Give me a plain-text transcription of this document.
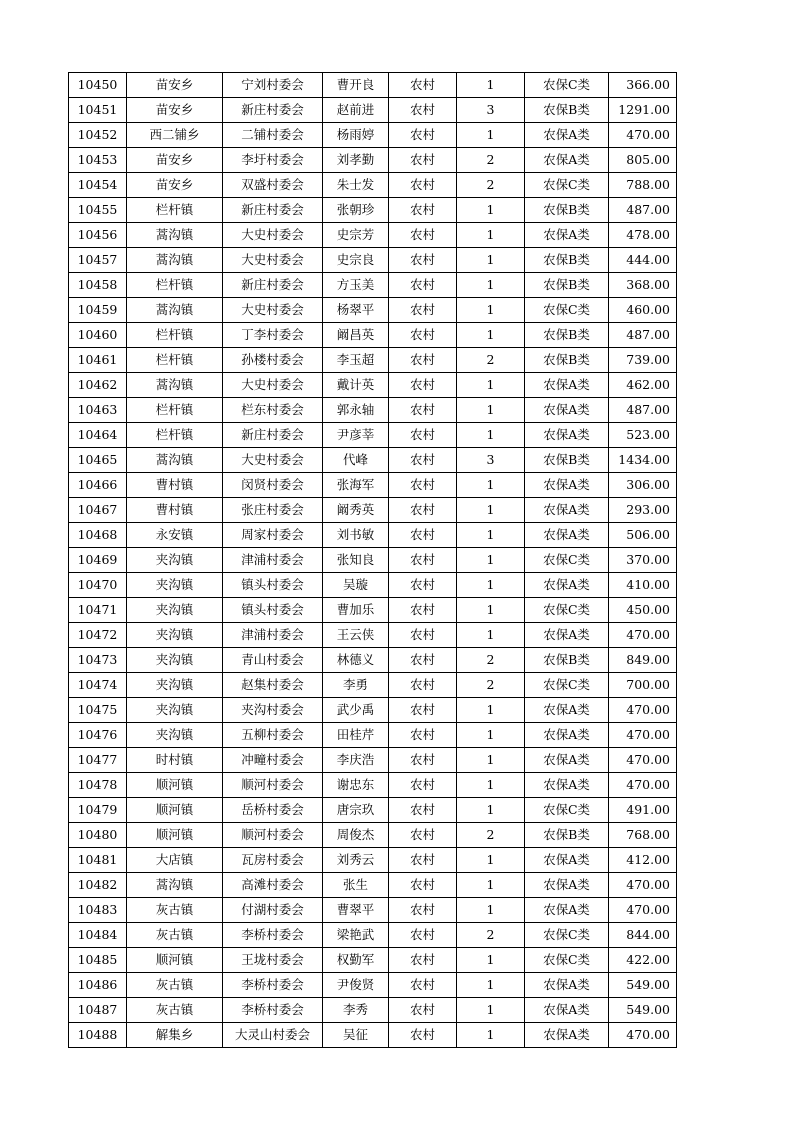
10450	苗安乡	宁刘村委会	曹开良	农村	1	农保C类	366.00
10451	苗安乡	新庄村委会	赵前进	农村	3	农保B类	1291.00
10452	西二铺乡	二铺村委会	杨雨婷	农村	1	农保A类	470.00
10453	苗安乡	李圩村委会	刘孝勤	农村	2	农保A类	805.00
10454	苗安乡	双盛村委会	朱士发	农村	2	农保C类	788.00
10455	栏杆镇	新庄村委会	张朝珍	农村	1	农保B类	487.00
10456	蒿沟镇	大史村委会	史宗芳	农村	1	农保A类	478.00
10457	蒿沟镇	大史村委会	史宗良	农村	1	农保B类	444.00
10458	栏杆镇	新庄村委会	方玉美	农村	1	农保B类	368.00
10459	蒿沟镇	大史村委会	杨翠平	农村	1	农保C类	460.00
10460	栏杆镇	丁李村委会	阚昌英	农村	1	农保B类	487.00
10461	栏杆镇	孙楼村委会	李玉超	农村	2	农保B类	739.00
10462	蒿沟镇	大史村委会	戴计英	农村	1	农保A类	462.00
10463	栏杆镇	栏东村委会	郭永轴	农村	1	农保A类	487.00
10464	栏杆镇	新庄村委会	尹彦莘	农村	1	农保A类	523.00
10465	蒿沟镇	大史村委会	代峰	农村	3	农保B类	1434.00
10466	曹村镇	闵贤村委会	张海军	农村	1	农保A类	306.00
10467	曹村镇	张庄村委会	阚秀英	农村	1	农保A类	293.00
10468	永安镇	周家村委会	刘书敏	农村	1	农保A类	506.00
10469	夹沟镇	津浦村委会	张知良	农村	1	农保C类	370.00
10470	夹沟镇	镇头村委会	吴璇	农村	1	农保A类	410.00
10471	夹沟镇	镇头村委会	曹加乐	农村	1	农保C类	450.00
10472	夹沟镇	津浦村委会	王云侠	农村	1	农保A类	470.00
10473	夹沟镇	青山村委会	林德义	农村	2	农保B类	849.00
10474	夹沟镇	赵集村委会	李勇	农村	2	农保C类	700.00
10475	夹沟镇	夹沟村委会	武少禹	农村	1	农保A类	470.00
10476	夹沟镇	五柳村委会	田桂芹	农村	1	农保A类	470.00
10477	时村镇	冲疃村委会	李庆浩	农村	1	农保A类	470.00
10478	顺河镇	顺河村委会	谢忠东	农村	1	农保A类	470.00
10479	顺河镇	岳桥村委会	唐宗玖	农村	1	农保C类	491.00
10480	顺河镇	顺河村委会	周俊杰	农村	2	农保B类	768.00
10481	大店镇	瓦房村委会	刘秀云	农村	1	农保A类	412.00
10482	蒿沟镇	高滩村委会	张生	农村	1	农保A类	470.00
10483	灰古镇	付湖村委会	曹翠平	农村	1	农保A类	470.00
10484	灰古镇	李桥村委会	梁艳武	农村	2	农保C类	844.00
10485	顺河镇	王垅村委会	权勤军	农村	1	农保C类	422.00
10486	灰古镇	李桥村委会	尹俊贤	农村	1	农保A类	549.00
10487	灰古镇	李桥村委会	李秀	农村	1	农保A类	549.00
10488	解集乡	大灵山村委会	吴征	农村	1	农保A类	470.00
